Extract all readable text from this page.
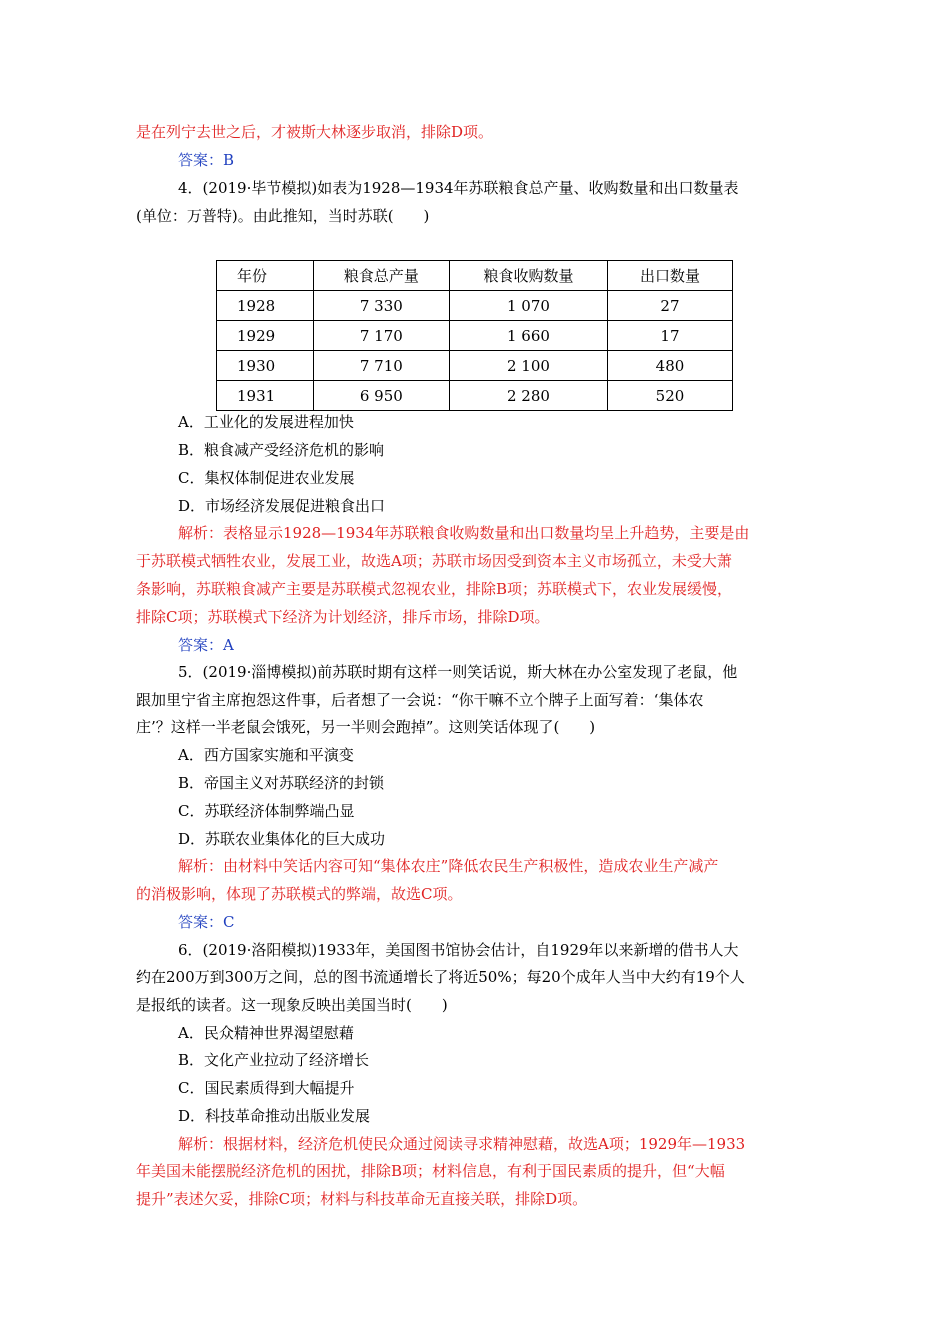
是在列宁去世之后，才被斯大林逐步取消，排除D项。
答案：B
4．(2019·毕节模拟)如表为1928—1934年苏联粮食总产量、收购数量和出口数量表
(单位：万普特)。由此推知，当时苏联(　　)
年份	粮食总产量	粮食收购数量	出口数量
1928	7 330	1 070	27
1929	7 170	1 660	17
1930	7 710	2 100	480
1931	6 950	2 280	520
A．工业化的发展进程加快
B．粮食减产受经济危机的影响
C．集权体制促进农业发展
D．市场经济发展促进粮食出口
解析：表格显示1928—1934年苏联粮食收购数量和出口数量均呈上升趋势，主要是由
于苏联模式牺牲农业，发展工业，故选A项；苏联市场因受到资本主义市场孤立，未受大萧
条影响，苏联粮食减产主要是苏联模式忽视农业，排除B项；苏联模式下，农业发展缓慢，
排除C项；苏联模式下经济为计划经济，排斥市场，排除D项。
答案：A
5．(2019·淄博模拟)前苏联时期有这样一则笑话说，斯大林在办公室发现了老鼠，他
跟加里宁省主席抱怨这件事，后者想了一会说：“你干嘛不立个牌子上面写着：‘集体农
庄’？这样一半老鼠会饿死，另一半则会跑掉”。这则笑话体现了(　　)
A．西方国家实施和平演变
B．帝国主义对苏联经济的封锁
C．苏联经济体制弊端凸显
D．苏联农业集体化的巨大成功
解析：由材料中笑话内容可知“集体农庄”降低农民生产积极性，造成农业生产减产
的消极影响，体现了苏联模式的弊端，故选C项。
答案：C
6．(2019·洛阳模拟)1933年，美国图书馆协会估计，自1929年以来新增的借书人大
约在200万到300万之间，总的图书流通增长了将近50%；每20个成年人当中大约有19个人
是报纸的读者。这一现象反映出美国当时(　　)
A．民众精神世界渴望慰藉
B．文化产业拉动了经济增长
C．国民素质得到大幅提升
D．科技革命推动出版业发展
解析：根据材料，经济危机使民众通过阅读寻求精神慰藉，故选A项；1929年—1933
年美国未能摆脱经济危机的困扰，排除B项；材料信息，有利于国民素质的提升，但“大幅
提升”表述欠妥，排除C项；材料与科技革命无直接关联，排除D项。
